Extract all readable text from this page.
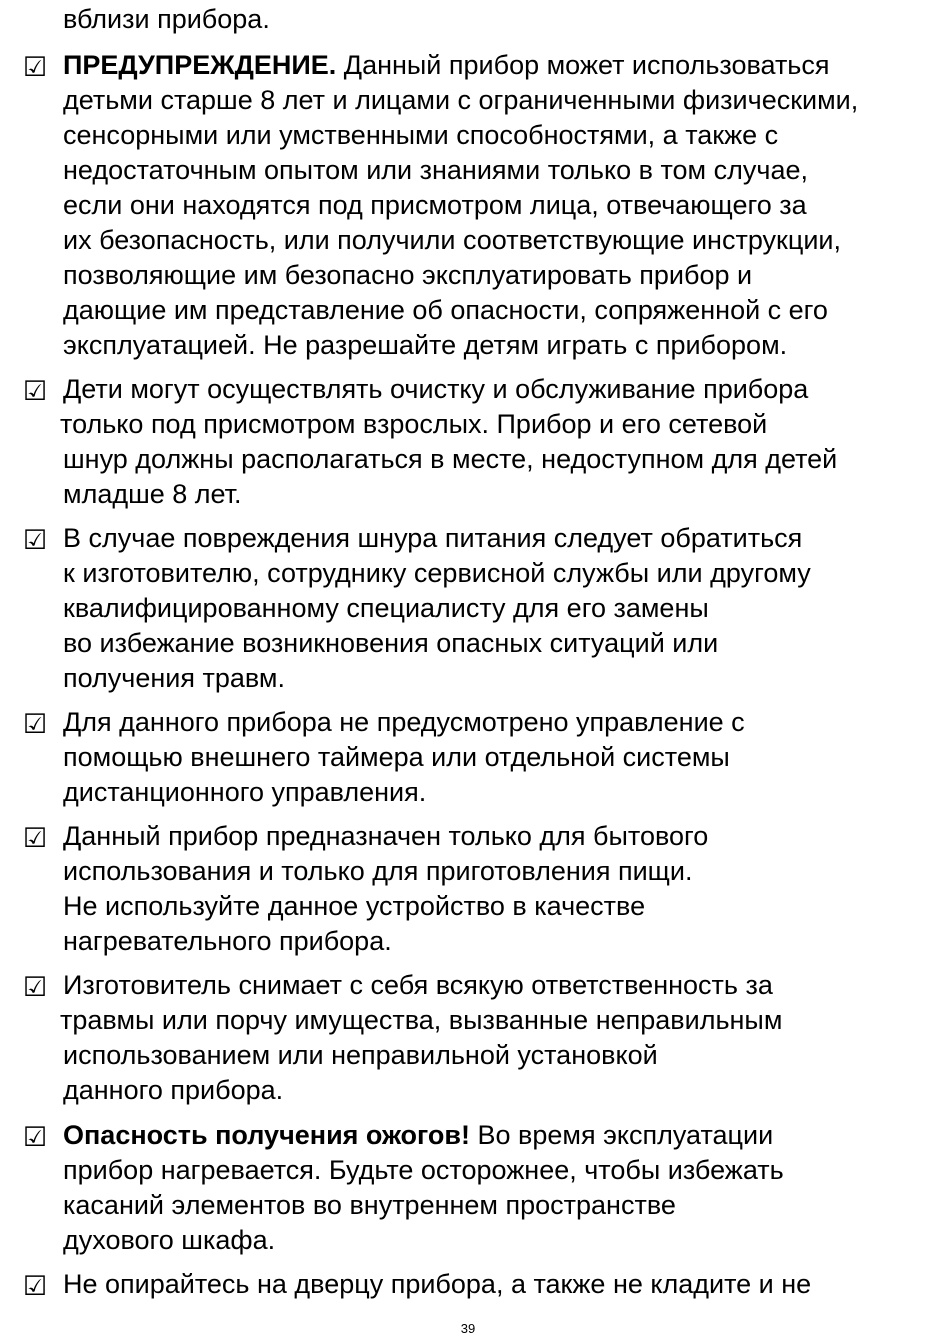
вблизи прибора.
☑ ПРЕДУПРЕЖДЕНИЕ. Данный прибор может использоваться
детьми старше 8 лет и лицами с ограниченными физическими,
сенсорными или умственными способностями, а также с
недостаточным опытом или знаниями только в том случае,
если они находятся под присмотром лица, отвечающего за
их безопасность, или получили соответствующие инструкции,
позволяющие им безопасно эксплуатировать прибор и
дающие им представление об опасности, сопряженной с его
эксплуатацией. Не разрешайте детям играть с прибором.
☑ Дети могут осуществлять очистку и обслуживание прибора
только под присмотром взрослых. Прибор и его сетевой
шнур должны располагаться в месте, недоступном для детей
младше 8 лет.
☑ В случае повреждения шнура питания следует обратиться
к изготовителю, сотруднику сервисной службы или другому
квалифицированному специалисту для его замены
во избежание возникновения опасных ситуаций или
получения травм.
☑ Для данного прибора не предусмотрено управление с
помощью внешнего таймера или отдельной системы
дистанционного управления.
☑ Данный прибор предназначен только для бытового
использования и только для приготовления пищи.
Не используйте данное устройство в качестве
нагревательного прибора.
☑ Изготовитель снимает с себя всякую ответственность за
травмы или порчу имущества, вызванные неправильным
использованием или неправильной установкой
данного прибора.
☑ Опасность получения ожогов! Во время эксплуатации
прибор нагревается. Будьте осторожнее, чтобы избежать
касаний элементов во внутреннем пространстве
духового шкафа.
☑ Не опирайтесь на дверцу прибора, а также не кладите и не
39
